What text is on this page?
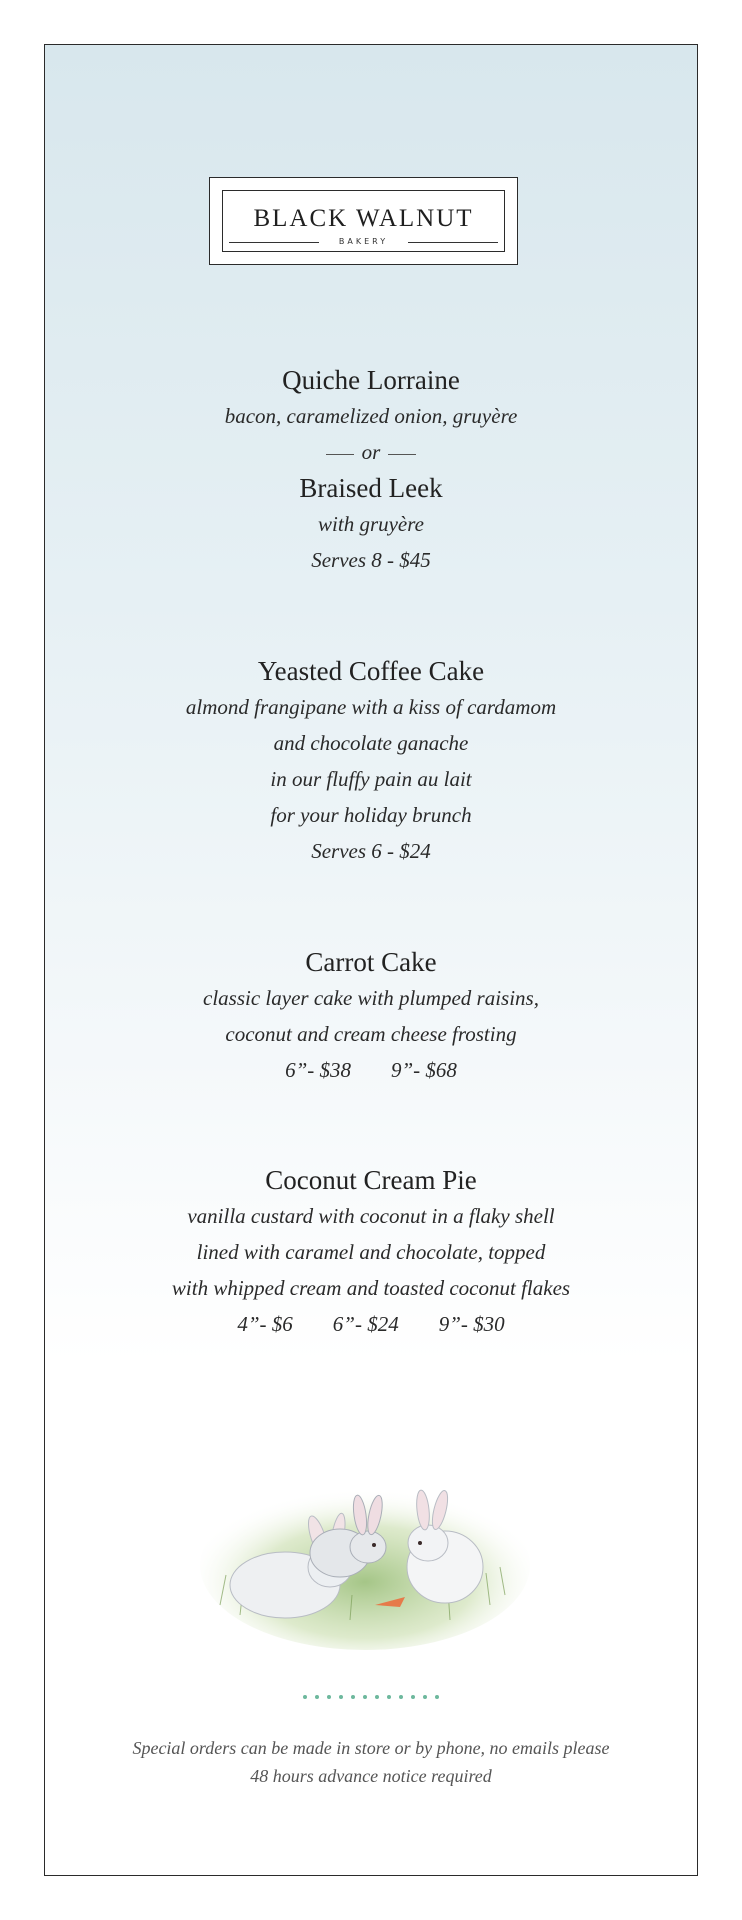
BLACK WALNUT
BAKERY
Quiche Lorraine
bacon, caramelized onion, gruyère
or
Braised Leek
with gruyère
Serves 8 - $45
Yeasted Coffee Cake
almond frangipane with a kiss of cardamom
and chocolate ganache
in our fluffy pain au lait
for your holiday brunch
Serves 6 - $24
Carrot Cake
classic layer cake with plumped raisins,
coconut and cream cheese frosting
6”- $38 9”- $68
Coconut Cream Pie
vanilla custard with coconut in a flaky shell
lined with caramel and chocolate, topped
with whipped cream and toasted coconut flakes
4”- $6 6”- $24 9”- $30
Special orders can be made in store or by phone, no emails please
48 hours advance notice required
